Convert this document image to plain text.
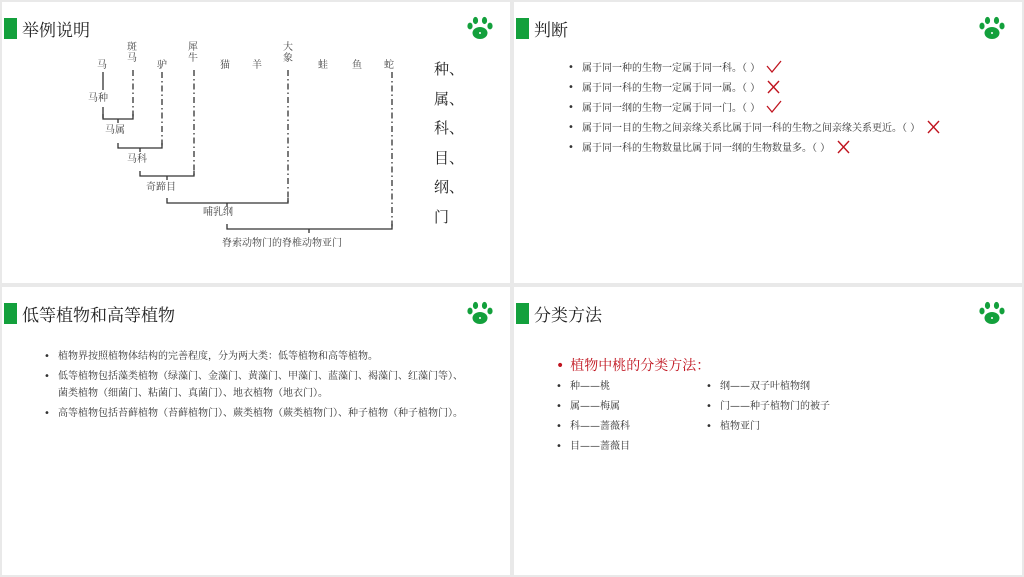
举例说明
马
斑马
驴
犀牛
猫 羊
大象
蛙 鱼 蛇
马种
马属
马科
奇蹄目
哺乳纲
脊索动物门的脊椎动物亚门
种、
属、
科、
目、
纲、
门
判断
• 属于同一种的生物一定属于同一科。（ ）
• 属于同一科的生物一定属于同一属。（ ）
• 属于同一纲的生物一定属于同一门。（ ）
• 属于同一目的生物之间亲缘关系比属于同一科的生物之间亲缘关系更近。（ ）
• 属于同一科的生物数量比属于同一纲的生物数量多。（ ）
低等植物和高等植物
• 植物界按照植物体结构的完善程度，分为两大类：低等植物和高等植物。
• 低等植物包括藻类植物（绿藻门、金藻门、黄藻门、甲藻门、蓝藻门、褐藻门、红藻门等）、菌类植物（细菌门、粘菌门、真菌门）、地衣植物（地衣门）。
• 高等植物包括苔藓植物（苔藓植物门）、蕨类植物（蕨类植物门）、种子植物（种子植物门）。
分类方法
• 植物中桃的分类方法：
• 种——桃
• 属——梅属
• 科——蔷薇科
• 目——蔷薇目
• 纲——双子叶植物纲
• 门——种子植物门的被子
• 植物亚门
